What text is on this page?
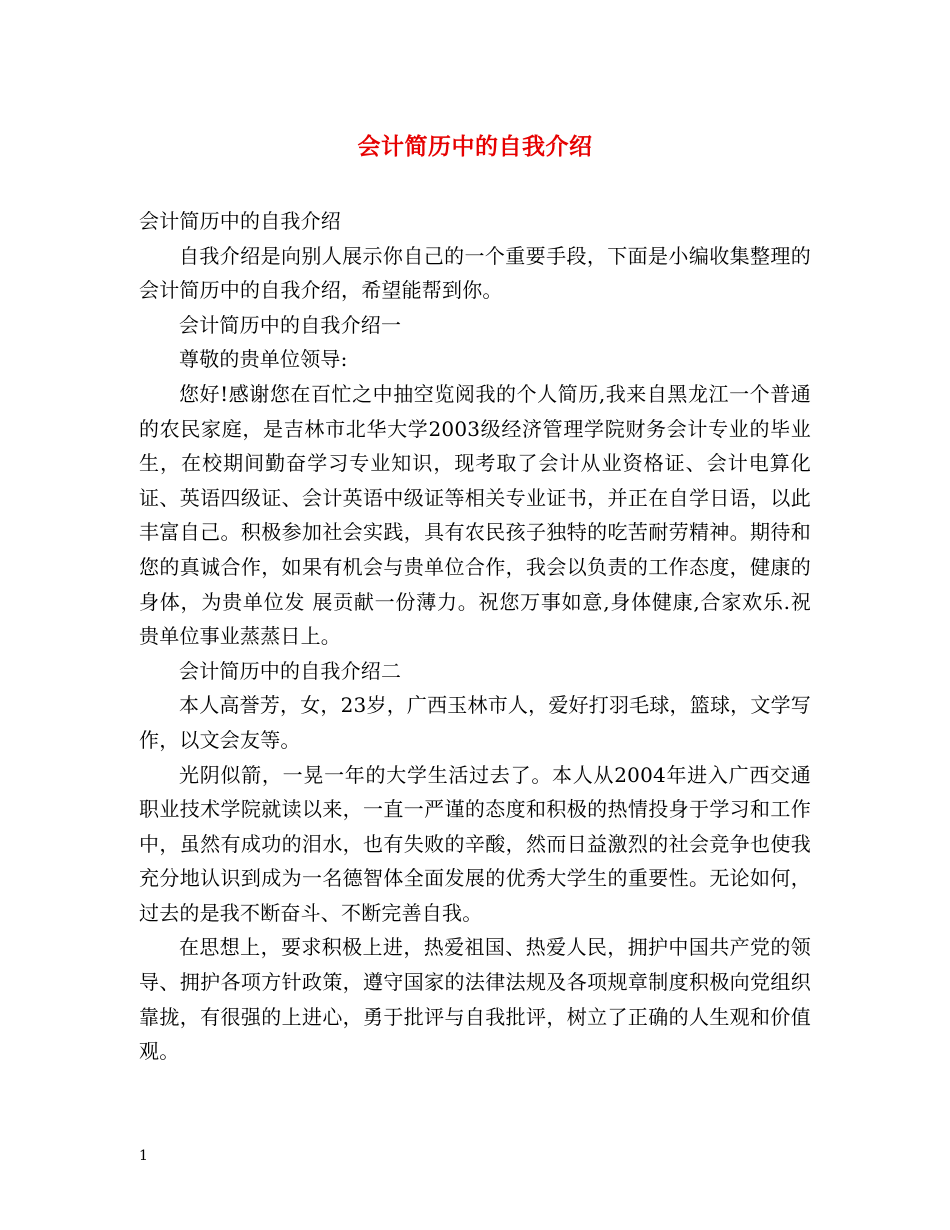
会计简历中的自我介绍

会计简历中的自我介绍

自我介绍是向别人展示你自己的一个重要手段，下面是小编收集整理的会计简历中的自我介绍，希望能帮到你。

会计简历中的自我介绍一

尊敬的贵单位领导:

您好!感谢您在百忙之中抽空览阅我的个人简历,我来自黑龙江一个普通的农民家庭，是吉林市北华大学2003级经济管理学院财务会计专业的毕业生，在校期间勤奋学习专业知识，现考取了会计从业资格证、会计电算化证、英语四级证、会计英语中级证等相关专业证书，并正在自学日语，以此丰富自己。积极参加社会实践，具有农民孩子独特的吃苦耐劳精神。期待和您的真诚合作，如果有机会与贵单位合作，我会以负责的工作态度，健康的身体，为贵单位发 展贡献一份薄力。祝您万事如意,身体健康,合家欢乐.祝贵单位事业蒸蒸日上。

会计简历中的自我介绍二

本人高誉芳，女，23岁，广西玉林市人，爱好打羽毛球，篮球，文学写作，以文会友等。

光阴似箭，一晃一年的大学生活过去了。本人从2004年进入广西交通职业技术学院就读以来，一直一严谨的态度和积极的热情投身于学习和工作中，虽然有成功的泪水，也有失败的辛酸，然而日益激烈的社会竞争也使我充分地认识到成为一名德智体全面发展的优秀大学生的重要性。无论如何，过去的是我不断奋斗、不断完善自我。

在思想上，要求积极上进，热爱祖国、热爱人民，拥护中国共产党的领导、拥护各项方针政策，遵守国家的法律法规及各项规章制度积极向党组织靠拢，有很强的上进心，勇于批评与自我批评，树立了正确的人生观和价值观。

1
